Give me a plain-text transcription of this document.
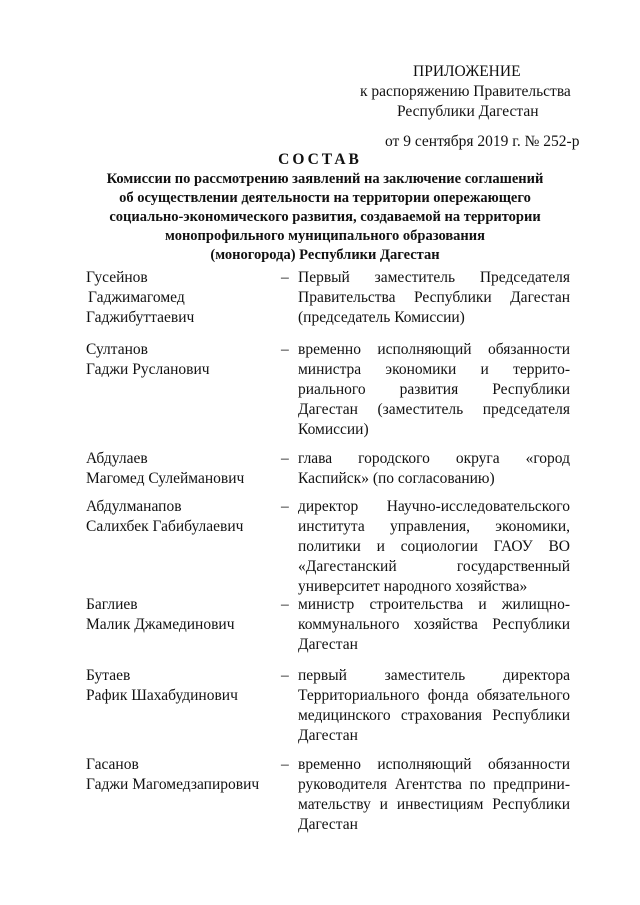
ПРИЛОЖЕНИЕ
к распоряжению Правительства
Республики Дагестан
от 9 сентября 2019 г. № 252-р
СОСТАВ
Комиссии по рассмотрению заявлений на заключение соглашений
об осуществлении деятельности на территории опережающего
социально-экономического развития, создаваемой на территории
монопрофильного муниципального образования
(моногорода) Республики Дагестан
Гусейнов
Гаджимагомед
Гаджибуттаевич
– Первый заместитель Председателя
Правительства Республики Дагестан
(председатель Комиссии)
Султанов
Гаджи Русланович
– временно исполняющий обязанности
министра экономики и террито-
риального развития Республики
Дагестан (заместитель председателя
Комиссии)
Абдулаев
Магомед Сулейманович
– глава городского округа «город
Каспийск» (по согласованию)
Абдулманапов
Салихбек Габибулаевич
– директор Научно-исследовательского
института управления, экономики,
политики и социологии ГАОУ ВО
«Дагестанский государственный
университет народного хозяйства»
Баглиев
Малик Джамединович
– министр строительства и жилищно-
коммунального хозяйства Республики
Дагестан
Бутаев
Рафик Шахабудинович
– первый заместитель директора
Территориального фонда обязательного
медицинского страхования Республики
Дагестан
Гасанов
Гаджи Магомедзапирович
– временно исполняющий обязанности
руководителя Агентства по предприни-
мательству и инвестициям Республики
Дагестан
